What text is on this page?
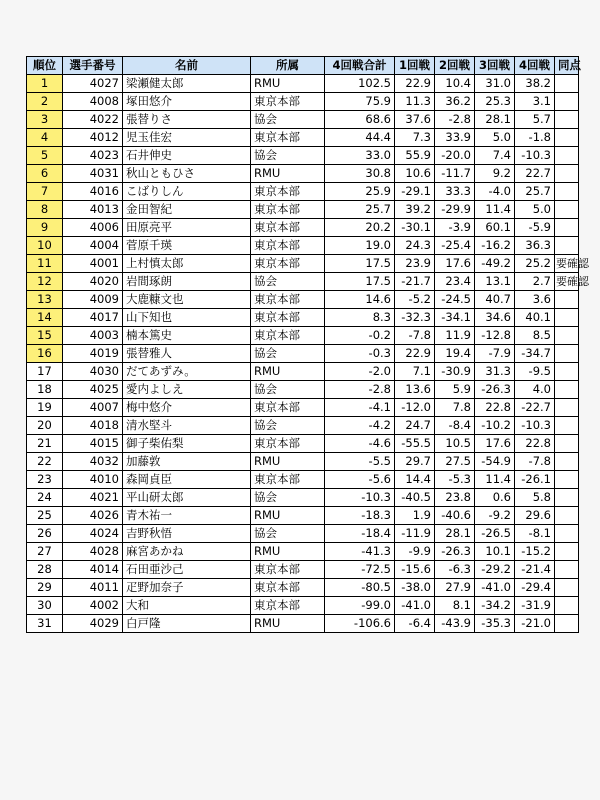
順位	選手番号	名前	所属	4回戦合計	1回戦	2回戦	3回戦	4回戦	同点
1	4027	梁瀬健太郎	RMU	102.5	22.9	10.4	31.0	38.2	
2	4008	塚田悠介	東京本部	75.9	11.3	36.2	25.3	3.1	
3	4022	張替りさ	協会	68.6	37.6	-2.8	28.1	5.7	
4	4012	児玉佳宏	東京本部	44.4	7.3	33.9	5.0	-1.8	
5	4023	石井伸史	協会	33.0	55.9	-20.0	7.4	-10.3	
6	4031	秋山ともひさ	RMU	30.8	10.6	-11.7	9.2	22.7	
7	4016	こばりしん	東京本部	25.9	-29.1	33.3	-4.0	25.7	
8	4013	金田智紀	東京本部	25.7	39.2	-29.9	11.4	5.0	
9	4006	田原亮平	東京本部	20.2	-30.1	-3.9	60.1	-5.9	
10	4004	菅原千瑛	東京本部	19.0	24.3	-25.4	-16.2	36.3	
11	4001	上村慎太郎	東京本部	17.5	23.9	17.6	-49.2	25.2	要確認
12	4020	岩間琢朗	協会	17.5	-21.7	23.4	13.1	2.7	要確認
13	4009	大鹿糠文也	東京本部	14.6	-5.2	-24.5	40.7	3.6	
14	4017	山下知也	東京本部	8.3	-32.3	-34.1	34.6	40.1	
15	4003	楠本篤史	東京本部	-0.2	-7.8	11.9	-12.8	8.5	
16	4019	張替雅人	協会	-0.3	22.9	19.4	-7.9	-34.7	
17	4030	だてあずみ。	RMU	-2.0	7.1	-30.9	31.3	-9.5	
18	4025	愛内よしえ	協会	-2.8	13.6	5.9	-26.3	4.0	
19	4007	梅中悠介	東京本部	-4.1	-12.0	7.8	22.8	-22.7	
20	4018	清水堅斗	協会	-4.2	24.7	-8.4	-10.2	-10.3	
21	4015	御子柴佑梨	東京本部	-4.6	-55.5	10.5	17.6	22.8	
22	4032	加藤敦	RMU	-5.5	29.7	27.5	-54.9	-7.8	
23	4010	森岡貞臣	東京本部	-5.6	14.4	-5.3	11.4	-26.1	
24	4021	平山研太郎	協会	-10.3	-40.5	23.8	0.6	5.8	
25	4026	青木祐一	RMU	-18.3	1.9	-40.6	-9.2	29.6	
26	4024	吉野秋悟	協会	-18.4	-11.9	28.1	-26.5	-8.1	
27	4028	麻宮あかね	RMU	-41.3	-9.9	-26.3	10.1	-15.2	
28	4014	石田亜沙己	東京本部	-72.5	-15.6	-6.3	-29.2	-21.4	
29	4011	疋野加奈子	東京本部	-80.5	-38.0	27.9	-41.0	-29.4	
30	4002	大和	東京本部	-99.0	-41.0	8.1	-34.2	-31.9	
31	4029	白戸隆	RMU	-106.6	-6.4	-43.9	-35.3	-21.0	
